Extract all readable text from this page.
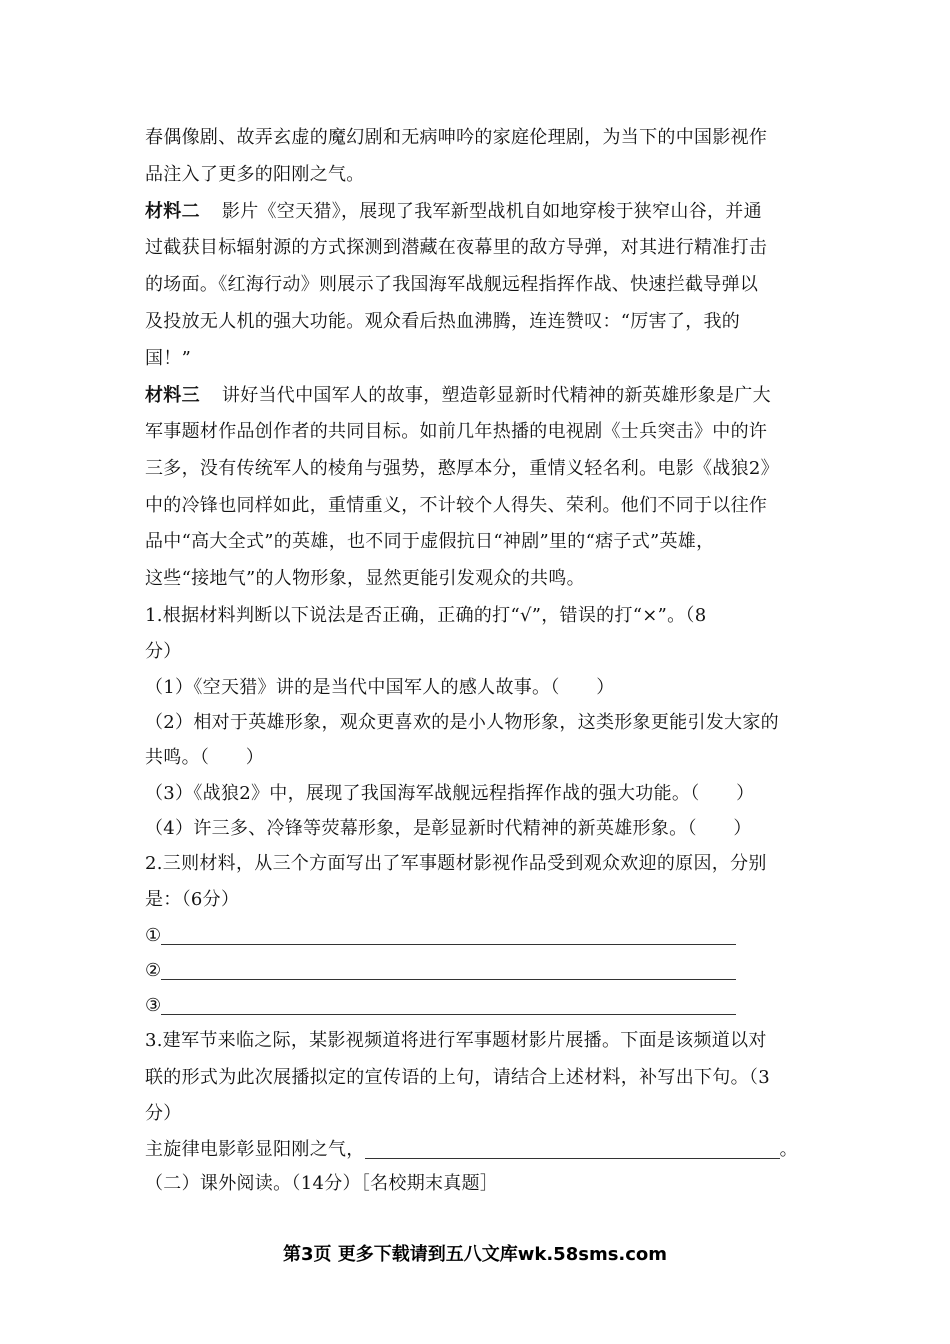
春偶像剧、故弄玄虚的魔幻剧和无病呻吟的家庭伦理剧，为当下的中国影视作
品注入了更多的阳刚之气。
材料二 影片《空天猎》，展现了我军新型战机自如地穿梭于狭窄山谷，并通
过截获目标辐射源的方式探测到潜藏在夜幕里的敌方导弹，对其进行精准打击
的场面。《红海行动》则展示了我国海军战舰远程指挥作战、快速拦截导弹以
及投放无人机的强大功能。观众看后热血沸腾，连连赞叹：“厉害了，我的
国！”
材料三 讲好当代中国军人的故事，塑造彰显新时代精神的新英雄形象是广大
军事题材作品创作者的共同目标。如前几年热播的电视剧《士兵突击》中的许
三多，没有传统军人的棱角与强势，憨厚本分，重情义轻名利。电影《战狼2》
中的冷锋也同样如此，重情重义，不计较个人得失、荣利。他们不同于以往作
品中“高大全式”的英雄，也不同于虚假抗日“神剧”里的“痞子式”英雄，
这些“接地气”的人物形象，显然更能引发观众的共鸣。
1.根据材料判断以下说法是否正确，正确的打“√”，错误的打“×”。（8
分）
（1）《空天猎》讲的是当代中国军人的感人故事。（　　）
（2）相对于英雄形象，观众更喜欢的是小人物形象，这类形象更能引发大家的
共鸣。（　　）
（3）《战狼2》中，展现了我国海军战舰远程指挥作战的强大功能。（　　）
（4）许三多、冷锋等荧幕形象，是彰显新时代精神的新英雄形象。（　　）
2.三则材料，从三个方面写出了军事题材影视作品受到观众欢迎的原因，分别
是：（6分）
①
②
③
3.建军节来临之际，某影视频道将进行军事题材影片展播。下面是该频道以对
联的形式为此次展播拟定的宣传语的上句，请结合上述材料，补写出下句。（3
分）
主旋律电影彰显阳刚之气，	。
（二）课外阅读。（14分）［名校期末真题］
第3页 更多下载请到五八文库wk.58sms.com
